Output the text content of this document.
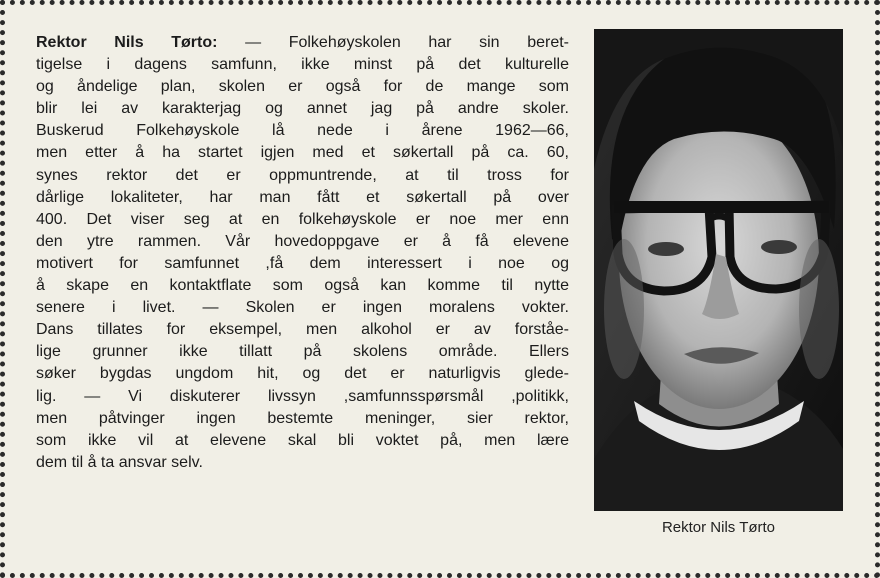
Rektor Nils Tørto: — Folkehøyskolen har sin beret-
tigelse i dagens samfunn, ikke minst på det kulturelle
og åndelige plan, skolen er også for de mange som
blir lei av karakterjag og annet jag på andre skoler.
Buskerud Folkehøyskole lå nede i årene 1962—66,
men etter å ha startet igjen med et søkertall på ca. 60,
synes rektor det er oppmuntrende, at til tross for
dårlige lokaliteter, har man fått et søkertall på over
400. Det viser seg at en folkehøyskole er noe mer enn
den ytre rammen. Vår hovedoppgave er å få elevene
motivert for samfunnet ,få dem interessert i noe og
å skape en kontaktflate som også kan komme til nytte
senere i livet. — Skolen er ingen moralens vokter.
Dans tillates for eksempel, men alkohol er av forståe-
lige grunner ikke tillatt på skolens område. Ellers
søker bygdas ungdom hit, og det er naturligvis glede-
lig. — Vi diskuterer livssyn ,samfunnsspørsmål ,politikk,
men påtvinger ingen bestemte meninger, sier rektor,
som ikke vil at elevene skal bli voktet på, men lære
dem til å ta ansvar selv.
Rektor Nils Tørto
